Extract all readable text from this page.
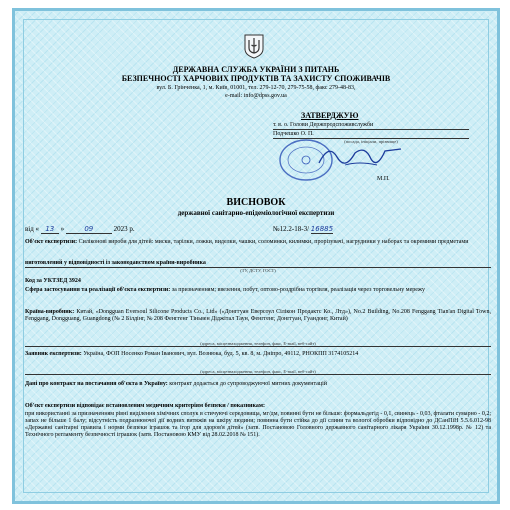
ДЕРЖАВНА СЛУЖБА УКРАЇНИ З ПИТАНЬ
БЕЗПЕЧНОСТІ ХАРЧОВИХ ПРОДУКТІВ ТА ЗАХИСТУ СПОЖИВАЧІВ
вул. Б. Грінченка, 1, м. Київ, 01001, тел. 279-12-70, 279-75-58, факс 279-48-83,
e-mail: info@dpss.gov.ua
ЗАТВЕРДЖУЮ
т. в. о. Голови Держпродспоживслужби
Подчешко О. П.
(посада, ініціали, прізвище)
М.П.
ВИСНОВОК
державної санітарно-епідеміологічної експертизи
від « 13 »	09	2023 р.	№12.2-18-3/ 16885
Об'єкт експертизи: Силіконові вироби для дітей: миски, тарілки, ложки, виделки, чашки, соломинки, килимки, прорізувачі, нагрудники у наборах та окремими предметами
виготовлений у відповідності із законодавством країни-виробника
(ТУ, ДСТУ, ГОСТ)
Код за УКТЗЕД 3924
Сфера застосування та реалізації об'єкта експертизи: за призначенням; ввезення, побут, оптово-роздрібна торгівля, реалізація через торговельну мережу
Країна-виробник: Китай, «Dongguan Eversoul Silicone Products Co., Ltd» («Донггуан Еверсоул Сілікон Продактс Ко., Лтд»), No.2 Building, No.208 Fenggang Tian'an Digital Town, Fenggang, Dongguang, Guangdong (№ 2 Білдінг, № 208 Фенггенг Тіньвен Діджітал Таун, Фенггенг, Донггуан, Гуандонг, Китай)
(адреса, місцезнаходження, телефон, факс, E-mail, веб-сайт)
Заявник експертизи: Україна, ФОП Носенко Роман Іванович, вул. Вознюка, буд. 5, кв. 8, м. Дніпро, 49112, РНОКПП 3174105214
(адреса, місцезнаходження, телефон, факс, E-mail, веб-сайт)
Дані про контракт на постачання об'єкта в Україну: контракт додається до супроводжуючої митних документацій
Об'єкт експертизи відповідає встановленим медичним критеріям безпеки / показникам:
при використанні за призначенням рівні виділення хімічних сполук в стичуючі середовища, мг/дм, повинні бути не більше: формальдегід - 0,1, свинець - 0,03, фталати сумарно - 0,2; запах не більше 1 балу; відсутність подразнюючої дії водних витяжів на шкіру людини; повинна бути стійка до дії слини та вологої обробки відповідно до ДСанПіН 5.5.6.012-98 «Державні санітарні правила і норми безпеки іграшок та ігор для здоров'я дітей» (затв. Постановою Головного державного санітарного лікаря України 30.12.1998р. № 12) та Технічного регламенту безпечності іграшок (затв. Постановою КМУ від 28.02.2018 № 151).
